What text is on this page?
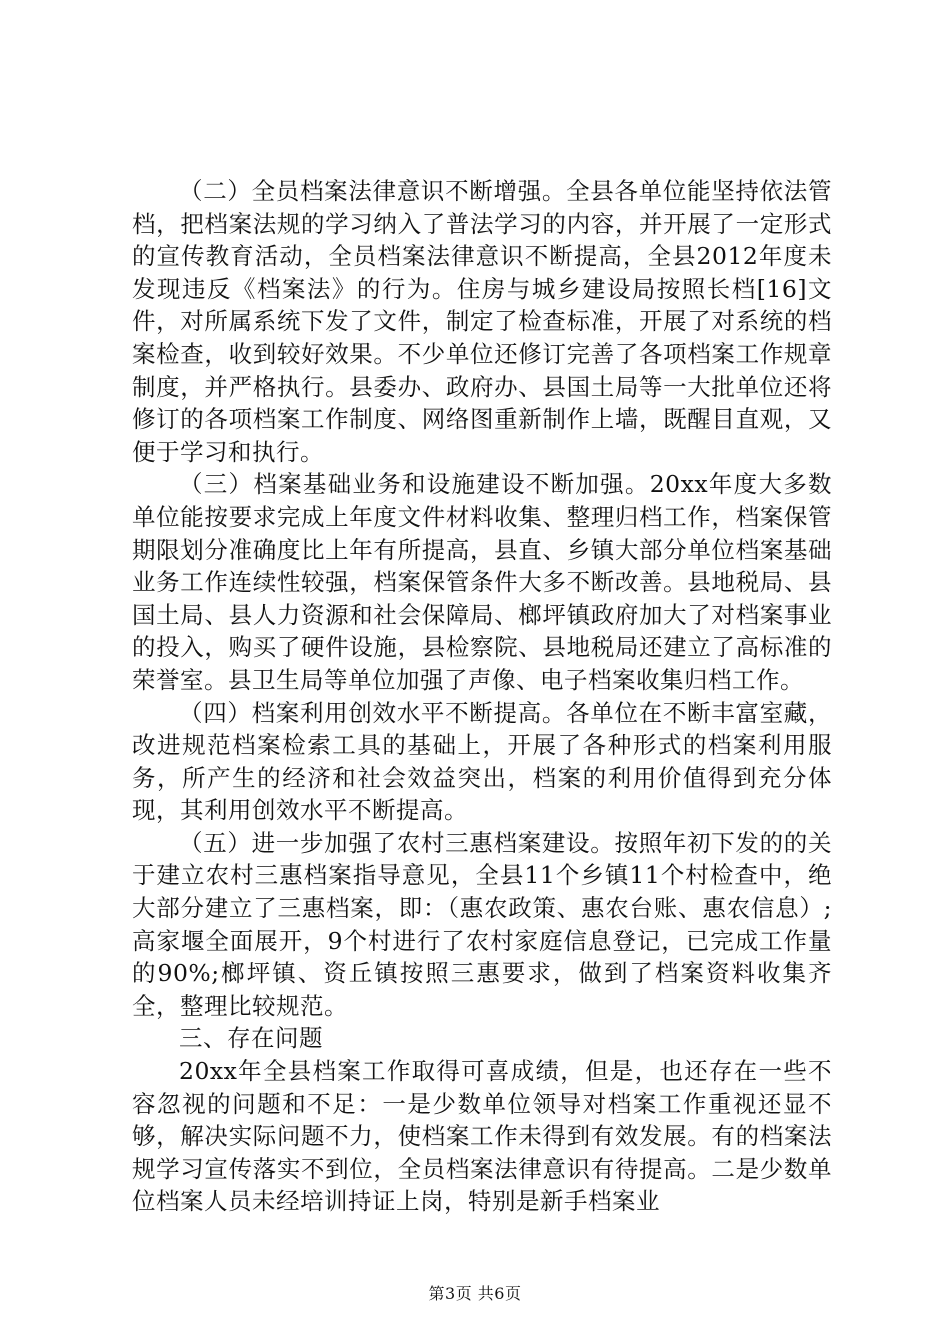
（二）全员档案法律意识不断增强。全县各单位能坚持依法管档，把档案法规的学习纳入了普法学习的内容，并开展了一定形式的宣传教育活动，全员档案法律意识不断提高，全县2012年度未发现违反《档案法》的行为。住房与城乡建设局按照长档[16]文件，对所属系统下发了文件，制定了检查标准，开展了对系统的档案检查，收到较好效果。不少单位还修订完善了各项档案工作规章制度，并严格执行。县委办、政府办、县国土局等一大批单位还将修订的各项档案工作制度、网络图重新制作上墙，既醒目直观，又便于学习和执行。

（三）档案基础业务和设施建设不断加强。20xx年度大多数单位能按要求完成上年度文件材料收集、整理归档工作，档案保管期限划分准确度比上年有所提高，县直、乡镇大部分单位档案基础业务工作连续性较强，档案保管条件大多不断改善。县地税局、县国土局、县人力资源和社会保障局、榔坪镇政府加大了对档案事业的投入，购买了硬件设施，县检察院、县地税局还建立了高标准的荣誉室。县卫生局等单位加强了声像、电子档案收集归档工作。

（四）档案利用创效水平不断提高。各单位在不断丰富室藏，改进规范档案检索工具的基础上，开展了各种形式的档案利用服务，所产生的经济和社会效益突出，档案的利用价值得到充分体现，其利用创效水平不断提高。

（五）进一步加强了农村三惠档案建设。按照年初下发的的关于建立农村三惠档案指导意见，全县11个乡镇11个村检查中，绝大部分建立了三惠档案，即：（惠农政策、惠农台账、惠农信息）;高家堰全面展开，9个村进行了农村家庭信息登记，已完成工作量的90%;榔坪镇、资丘镇按照三惠要求，做到了档案资料收集齐全，整理比较规范。

三、存在问题

20xx年全县档案工作取得可喜成绩，但是，也还存在一些不容忽视的问题和不足：一是少数单位领导对档案工作重视还显不够，解决实际问题不力，使档案工作未得到有效发展。有的档案法规学习宣传落实不到位，全员档案法律意识有待提高。二是少数单位档案人员未经培训持证上岗，特别是新手档案业

第3页 共6页
